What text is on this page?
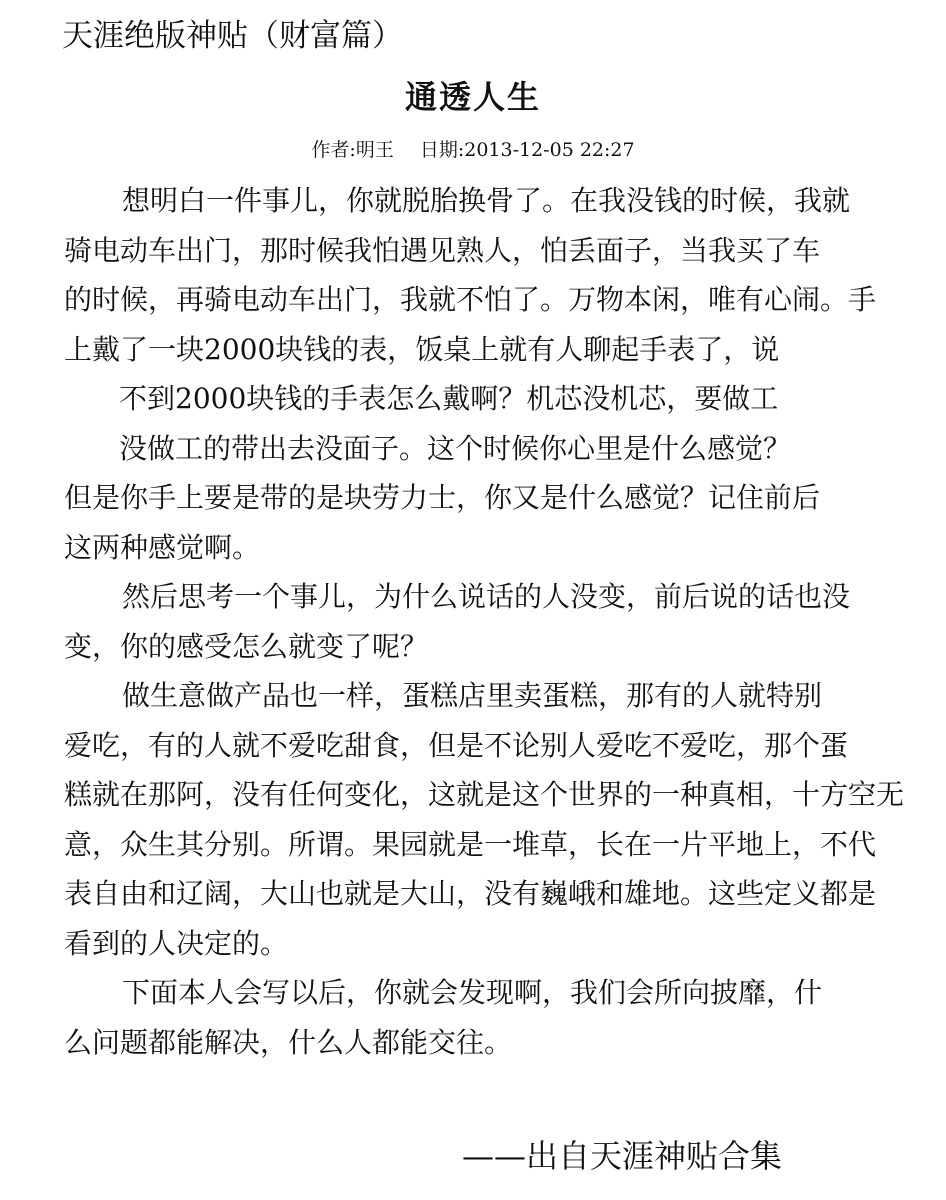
天涯绝版神贴（财富篇）
通透人生
作者:明王 日期:2013-12-05 22:27
想明白一件事儿，你就脱胎换骨了。在我没钱的时候，我就
骑电动车出门，那时候我怕遇见熟人，怕丢面子，当我买了车
的时候，再骑电动车出门，我就不怕了。万物本闲，唯有心闹。手
上戴了一块2000块钱的表，饭桌上就有人聊起手表了，说
不到2000块钱的手表怎么戴啊？机芯没机芯，要做工
没做工的带出去没面子。这个时候你心里是什么感觉？
但是你手上要是带的是块劳力士，你又是什么感觉？记住前后
这两种感觉啊。
然后思考一个事儿，为什么说话的人没变，前后说的话也没
变，你的感受怎么就变了呢？
做生意做产品也一样，蛋糕店里卖蛋糕，那有的人就特别
爱吃，有的人就不爱吃甜食，但是不论别人爱吃不爱吃，那个蛋
糕就在那阿，没有任何变化，这就是这个世界的一种真相，十方空无
意，众生其分别。所谓。果园就是一堆草，长在一片平地上，不代
表自由和辽阔，大山也就是大山，没有巍峨和雄地。这些定义都是
看到的人决定的。
下面本人会写以后，你就会发现啊，我们会所向披靡，什
么问题都能解决，什么人都能交往。
——出自天涯神贴合集
